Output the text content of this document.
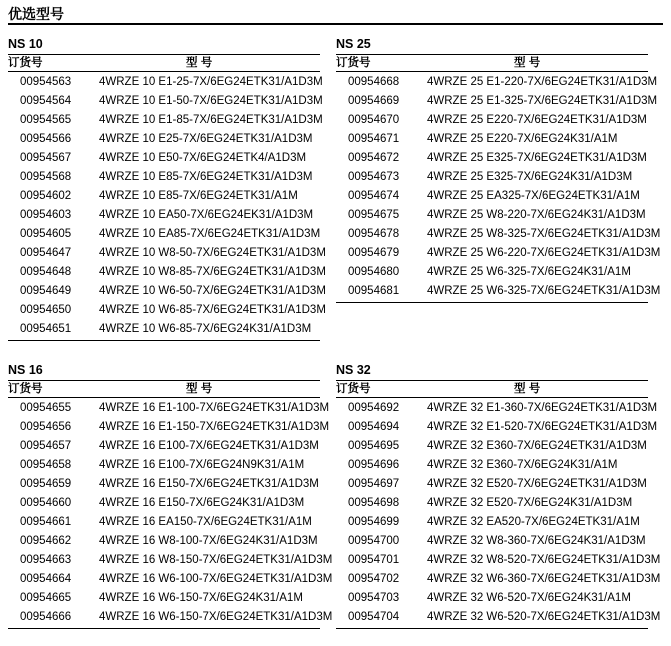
优选型号
NS 10
订货号	型 号
00954563 4WRZE 10 E1-25-7X/6EG24ETK31/A1D3M
00954564 4WRZE 10 E1-50-7X/6EG24ETK31/A1D3M
00954565 4WRZE 10 E1-85-7X/6EG24ETK31/A1D3M
00954566 4WRZE 10 E25-7X/6EG24ETK31/A1D3M
00954567 4WRZE 10 E50-7X/6EG24ETK4/A1D3M
00954568 4WRZE 10 E85-7X/6EG24ETK31/A1D3M
00954602 4WRZE 10 E85-7X/6EG24ETK31/A1M
00954603 4WRZE 10 EA50-7X/6EG24EK31/A1D3M
00954605 4WRZE 10 EA85-7X/6EG24ETK31/A1D3M
00954647 4WRZE 10 W8-50-7X/6EG24ETK31/A1D3M
00954648 4WRZE 10 W8-85-7X/6EG24ETK31/A1D3M
00954649 4WRZE 10 W6-50-7X/6EG24ETK31/A1D3M
00954650 4WRZE 10 W6-85-7X/6EG24ETK31/A1D3M
00954651 4WRZE 10 W6-85-7X/6EG24K31/A1D3M
NS 25
订货号	型 号
00954668 4WRZE 25 E1-220-7X/6EG24ETK31/A1D3M
00954669 4WRZE 25 E1-325-7X/6EG24ETK31/A1D3M
00954670 4WRZE 25 E220-7X/6EG24ETK31/A1D3M
00954671 4WRZE 25 E220-7X/6EG24K31/A1M
00954672 4WRZE 25 E325-7X/6EG24ETK31/A1D3M
00954673 4WRZE 25 E325-7X/6EG24K31/A1D3M
00954674 4WRZE 25 EA325-7X/6EG24ETK31/A1M
00954675 4WRZE 25 W8-220-7X/6EG24K31/A1D3M
00954678 4WRZE 25 W8-325-7X/6EG24ETK31/A1D3M
00954679 4WRZE 25 W6-220-7X/6EG24ETK31/A1D3M
00954680 4WRZE 25 W6-325-7X/6EG24K31/A1M
00954681 4WRZE 25 W6-325-7X/6EG24ETK31/A1D3M
NS 16
订货号	型 号
00954655 4WRZE 16 E1-100-7X/6EG24ETK31/A1D3M
00954656 4WRZE 16 E1-150-7X/6EG24ETK31/A1D3M
00954657 4WRZE 16 E100-7X/6EG24ETK31/A1D3M
00954658 4WRZE 16 E100-7X/6EG24N9K31/A1M
00954659 4WRZE 16 E150-7X/6EG24ETK31/A1D3M
00954660 4WRZE 16 E150-7X/6EG24K31/A1D3M
00954661 4WRZE 16 EA150-7X/6EG24ETK31/A1M
00954662 4WRZE 16 W8-100-7X/6EG24K31/A1D3M
00954663 4WRZE 16 W8-150-7X/6EG24ETK31/A1D3M
00954664 4WRZE 16 W6-100-7X/6EG24ETK31/A1D3M
00954665 4WRZE 16 W6-150-7X/6EG24K31/A1M
00954666 4WRZE 16 W6-150-7X/6EG24ETK31/A1D3M
NS 32
订货号	型 号
00954692 4WRZE 32 E1-360-7X/6EG24ETK31/A1D3M
00954694 4WRZE 32 E1-520-7X/6EG24ETK31/A1D3M
00954695 4WRZE 32 E360-7X/6EG24ETK31/A1D3M
00954696 4WRZE 32 E360-7X/6EG24K31/A1M
00954697 4WRZE 32 E520-7X/6EG24ETK31/A1D3M
00954698 4WRZE 32 E520-7X/6EG24K31/A1D3M
00954699 4WRZE 32 EA520-7X/6EG24ETK31/A1M
00954700 4WRZE 32 W8-360-7X/6EG24K31/A1D3M
00954701 4WRZE 32 W8-520-7X/6EG24ETK31/A1D3M
00954702 4WRZE 32 W6-360-7X/6EG24ETK31/A1D3M
00954703 4WRZE 32 W6-520-7X/6EG24K31/A1M
00954704 4WRZE 32 W6-520-7X/6EG24ETK31/A1D3M
